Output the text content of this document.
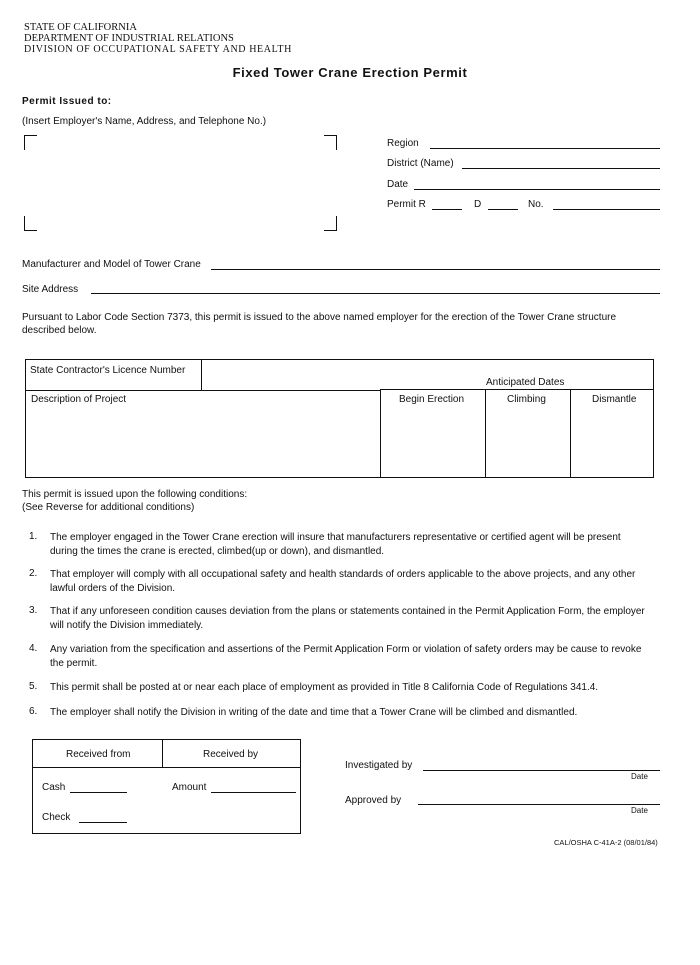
STATE OF CALIFORNIA
DEPARTMENT OF INDUSTRIAL RELATIONS
DIVISION OF OCCUPATIONAL SAFETY AND HEALTH
Fixed Tower Crane Erection Permit
Permit Issued to:
(Insert Employer's Name, Address, and Telephone No.)
Region
District (Name)
Date
Permit R	D	No.
Manufacturer and Model of Tower Crane
Site Address
Pursuant to Labor Code Section 7373, this permit is issued to the above named employer for the erection of the Tower Crane structure described below.
State Contractor's Licence Number
Anticipated Dates
Description of Project	Begin Erection	Climbing	Dismantle
This permit is issued upon the following conditions:
(See Reverse for additional conditions)
1.	The employer engaged in the Tower Crane erection will insure that manufacturers representative or certified agent will be present during the times the crane is erected, climbed(up or down), and dismantled.
2.	That employer will comply with all occupational safety and health standards of orders applicable to the above projects, and any other lawful orders of the Division.
3.	That if any unforeseen condition causes deviation from the plans or statements contained in the Permit Application Form, the employer will notify the Division immediately.
4.	Any variation from the specification and assertions of the Permit Application Form or violation of safety orders may be cause to revoke the permit.
5.	This permit shall be posted at or near each place of employment as provided in Title 8 California Code of Regulations 341.4.
6.	The employer shall notify the Division in writing of the date and time that a Tower Crane will be climbed and dismantled.
Received from	Received by
Cash	Amount
Check
Investigated by
Date
Approved by
Date
CAL/OSHA C-41A-2 (08/01/84)
